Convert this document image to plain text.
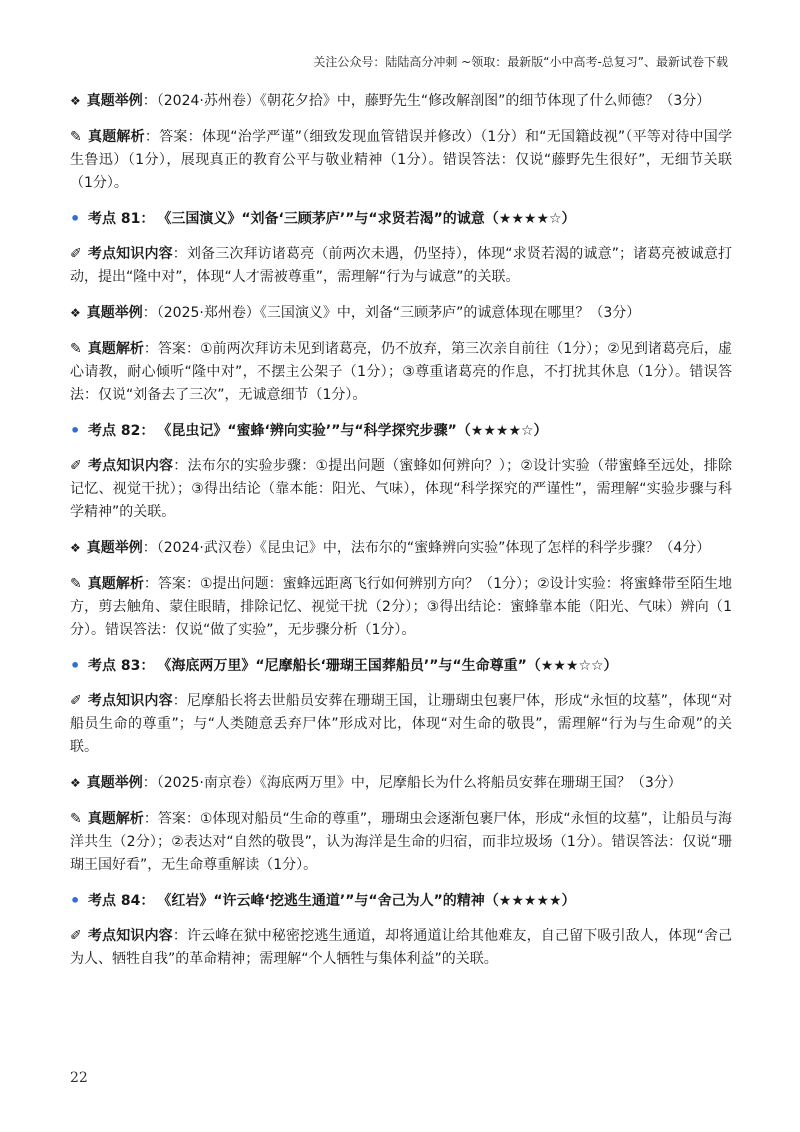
关注公众号：陆陆高分冲刺 ~领取：最新版“小中高考-总复习”、最新试卷下载

❖ 真题举例：（2024·苏州卷）《朝花夕拾》中，藤野先生“修改解剖图”的细节体现了什么师德？（3分）

✎ 真题解析：答案：体现“治学严谨”（细致发现血管错误并修改）（1分）和“无国籍歧视”（平等对待中国学生鲁迅）（1分），展现真正的教育公平与敬业精神（1分）。错误答法：仅说“藤野先生很好”，无细节关联（1分）。

• 考点 81： 《三国演义》“刘备‘三顾茅庐’”与“求贤若渴”的诚意（★★★★☆）

✐ 考点知识内容：刘备三次拜访诸葛亮（前两次未遇，仍坚持），体现“求贤若渴的诚意”；诸葛亮被诚意打动，提出“隆中对”，体现“人才需被尊重”，需理解“行为与诚意”的关联。

❖ 真题举例：（2025·郑州卷）《三国演义》中，刘备“三顾茅庐”的诚意体现在哪里？（3分）

✎ 真题解析：答案：①前两次拜访未见到诸葛亮，仍不放弃，第三次亲自前往（1分）；②见到诸葛亮后，虚心请教，耐心倾听“隆中对”，不摆主公架子（1分）；③尊重诸葛亮的作息，不打扰其休息（1分）。错误答法：仅说“刘备去了三次”，无诚意细节（1分）。

• 考点 82： 《昆虫记》“蜜蜂‘辨向实验’”与“科学探究步骤”（★★★★☆）

✐ 考点知识内容：法布尔的实验步骤：①提出问题（蜜蜂如何辨向？）；②设计实验（带蜜蜂至远处，排除记忆、视觉干扰）；③得出结论（靠本能：阳光、气味），体现“科学探究的严谨性”，需理解“实验步骤与科学精神”的关联。

❖ 真题举例：（2024·武汉卷）《昆虫记》中，法布尔的“蜜蜂辨向实验”体现了怎样的科学步骤？（4分）

✎ 真题解析：答案：①提出问题：蜜蜂远距离飞行如何辨别方向？（1分）；②设计实验：将蜜蜂带至陌生地方，剪去触角、蒙住眼睛，排除记忆、视觉干扰（2分）；③得出结论：蜜蜂靠本能（阳光、气味）辨向（1分）。错误答法：仅说“做了实验”，无步骤分析（1分）。

• 考点 83： 《海底两万里》“尼摩船长‘珊瑚王国葬船员’”与“生命尊重”（★★★☆☆）

✐ 考点知识内容：尼摩船长将去世船员安葬在珊瑚王国，让珊瑚虫包裹尸体，形成“永恒的坟墓”，体现“对船员生命的尊重”；与“人类随意丢弃尸体”形成对比，体现“对生命的敬畏”，需理解“行为与生命观”的关联。

❖ 真题举例：（2025·南京卷）《海底两万里》中，尼摩船长为什么将船员安葬在珊瑚王国？（3分）

✎ 真题解析：答案：①体现对船员“生命的尊重”，珊瑚虫会逐渐包裹尸体，形成“永恒的坟墓”，让船员与海洋共生（2分）；②表达对“自然的敬畏”，认为海洋是生命的归宿，而非垃圾场（1分）。错误答法：仅说“珊瑚王国好看”，无生命尊重解读（1分）。

• 考点 84： 《红岩》“许云峰‘挖逃生通道’”与“舍己为人”的精神（★★★★★）

✐ 考点知识内容：许云峰在狱中秘密挖逃生通道，却将通道让给其他难友，自己留下吸引敌人，体现“舍己为人、牺牲自我”的革命精神；需理解“个人牺牲与集体利益”的关联。

22
